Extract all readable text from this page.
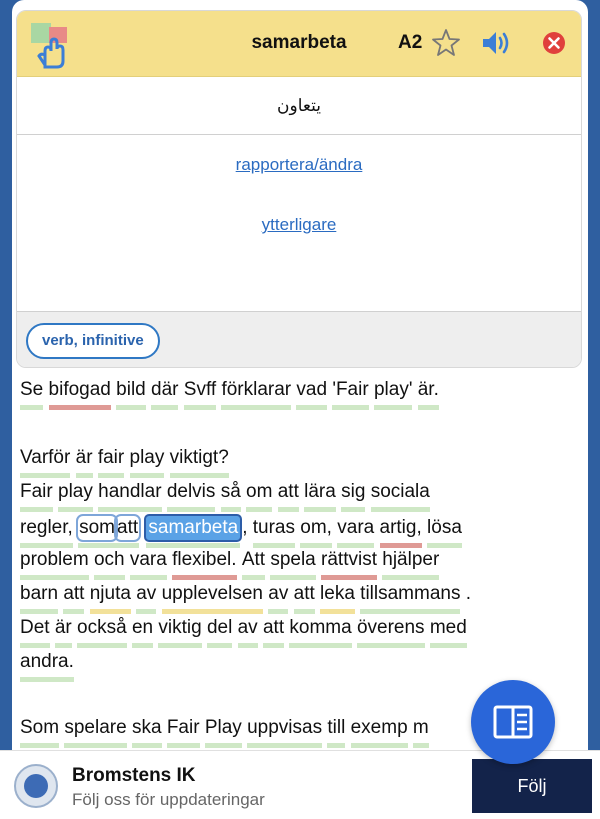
samarbeta	A2
يتعاون
rapportera/ändra
ytterligare
verb, infinitive
Se bifogad bild där Svff förklarar vad 'Fair play' är.
Varför är fair play viktigt?
Fair play handlar delvis så om att lära sig sociala
regler, som att samarbeta , turas om, vara artig, lösa
problem och vara flexibel. Att spela rättvist hjälper
barn att njuta av upplevelsen av att leka tillsammans .
Det är också en viktig del av att komma överens med
andra.
Som spelare ska Fair Play uppvisas till exemp m
Bromstens IK
Följ oss för uppdateringar
Följ
